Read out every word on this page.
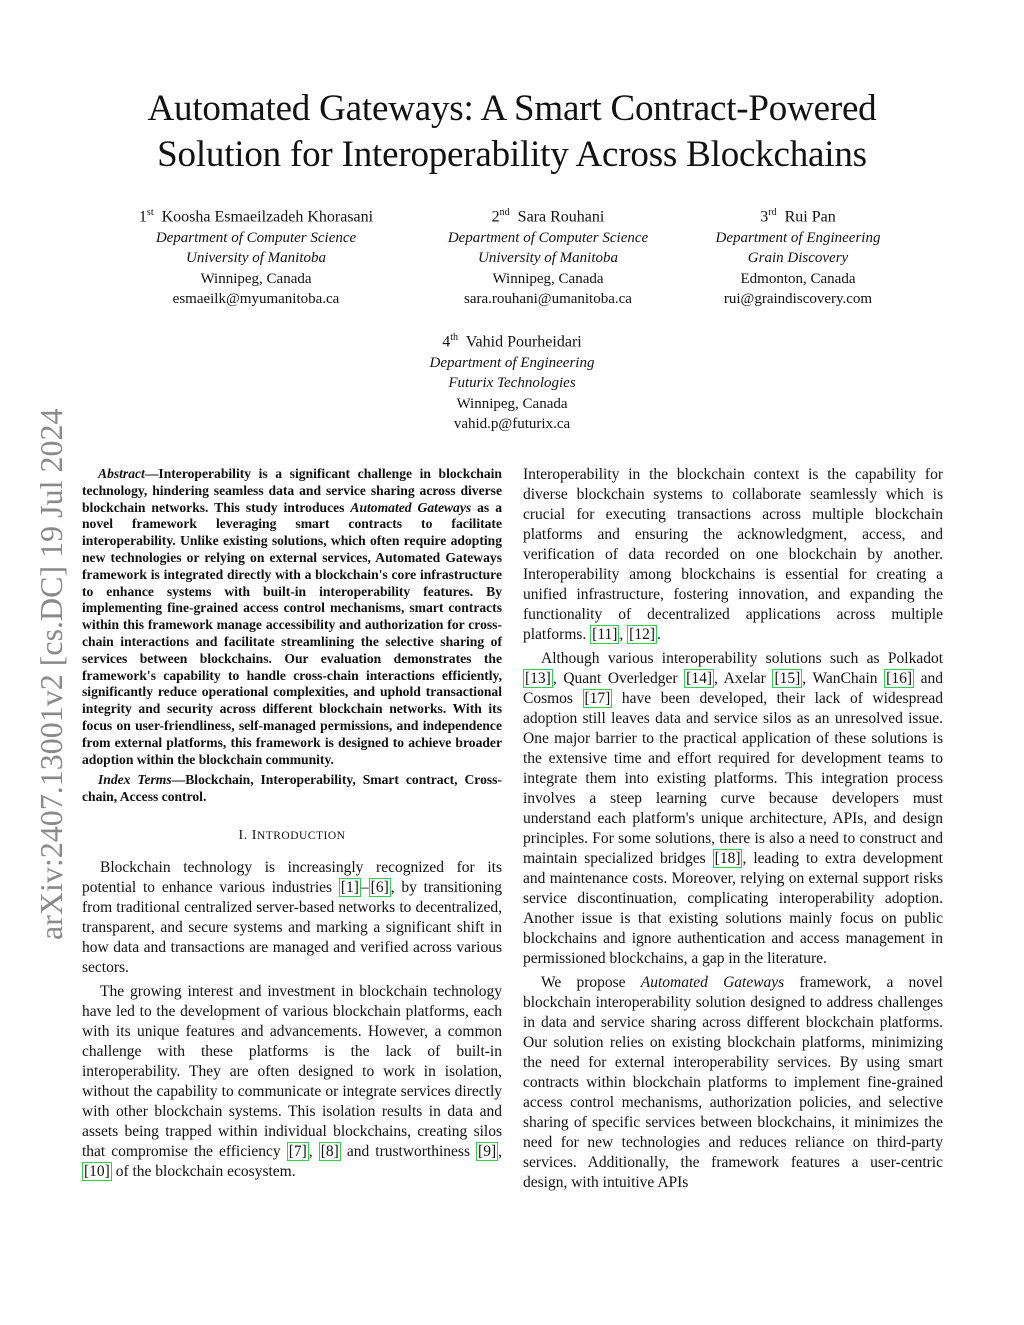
arXiv:2407.13001v2 [cs.DC] 19 Jul 2024
Automated Gateways: A Smart Contract-Powered
Solution for Interoperability Across Blockchains
1st Koosha Esmaeilzadeh Khorasani
Department of Computer Science
University of Manitoba
Winnipeg, Canada
esmaeilk@myumanitoba.ca
2nd Sara Rouhani
Department of Computer Science
University of Manitoba
Winnipeg, Canada
sara.rouhani@umanitoba.ca
3rd Rui Pan
Department of Engineering
Grain Discovery
Edmonton, Canada
rui@graindiscovery.com
4th Vahid Pourheidari
Department of Engineering
Futurix Technologies
Winnipeg, Canada
vahid.p@futurix.ca

Abstract—Interoperability is a significant challenge in blockchain technology, hindering seamless data and service sharing across diverse blockchain networks. This study introduces Automated Gateways as a novel framework leveraging smart contracts to facilitate interoperability. Unlike existing solutions, which often require adopting new technologies or relying on external services, Automated Gateways framework is integrated directly with a blockchain's core infrastructure to enhance systems with built-in interoperability features. By implementing fine-grained access control mechanisms, smart contracts within this framework manage accessibility and authorization for cross-chain interactions and facilitate streamlining the selective sharing of services between blockchains. Our evaluation demonstrates the framework's capability to handle cross-chain interactions efficiently, significantly reduce operational complexities, and uphold transactional integrity and security across different blockchain networks. With its focus on user-friendliness, self-managed permissions, and independence from external platforms, this framework is designed to achieve broader adoption within the blockchain community.

Index Terms—Blockchain, Interoperability, Smart contract, Cross-chain, Access control.

I. INTRODUCTION

Blockchain technology is increasingly recognized for its potential to enhance various industries [1] – [6] , by transitioning from traditional centralized server-based networks to decentralized, transparent, and secure systems and marking a significant shift in how data and transactions are managed and verified across various sectors.

The growing interest and investment in blockchain technology have led to the development of various blockchain platforms, each with its unique features and advancements. However, a common challenge with these platforms is the lack of built-in interoperability. They are often designed to work in isolation, without the capability to communicate or integrate services directly with other blockchain systems. This isolation results in data and assets being trapped within individual blockchains, creating silos that compromise the efficiency [7] , [8] and trustworthiness [9] , [10] of the blockchain ecosystem.

Interoperability in the blockchain context is the capability for diverse blockchain systems to collaborate seamlessly which is crucial for executing transactions across multiple blockchain platforms and ensuring the acknowledgment, access, and verification of data recorded on one blockchain by another. Interoperability among blockchains is essential for creating a unified infrastructure, fostering innovation, and expanding the functionality of decentralized applications across multiple platforms. [11] , [12] .

Although various interoperability solutions such as Polkadot [13] , Quant Overledger [14] , Axelar [15] , WanChain [16] and Cosmos [17] have been developed, their lack of widespread adoption still leaves data and service silos as an unresolved issue. One major barrier to the practical application of these solutions is the extensive time and effort required for development teams to integrate them into existing platforms. This integration process involves a steep learning curve because developers must understand each platform's unique architecture, APIs, and design principles. For some solutions, there is also a need to construct and maintain specialized bridges [18] , leading to extra development and maintenance costs. Moreover, relying on external support risks service discontinuation, complicating interoperability adoption. Another issue is that existing solutions mainly focus on public blockchains and ignore authentication and access management in permissioned blockchains, a gap in the literature.

We propose Automated Gateways framework, a novel blockchain interoperability solution designed to address challenges in data and service sharing across different blockchain platforms. Our solution relies on existing blockchain platforms, minimizing the need for external interoperability services. By using smart contracts within blockchain platforms to implement fine-grained access control mechanisms, authorization policies, and selective sharing of specific services between blockchains, it minimizes the need for new technologies and reduces reliance on third-party services. Additionally, the framework features a user-centric design, with intuitive APIs
